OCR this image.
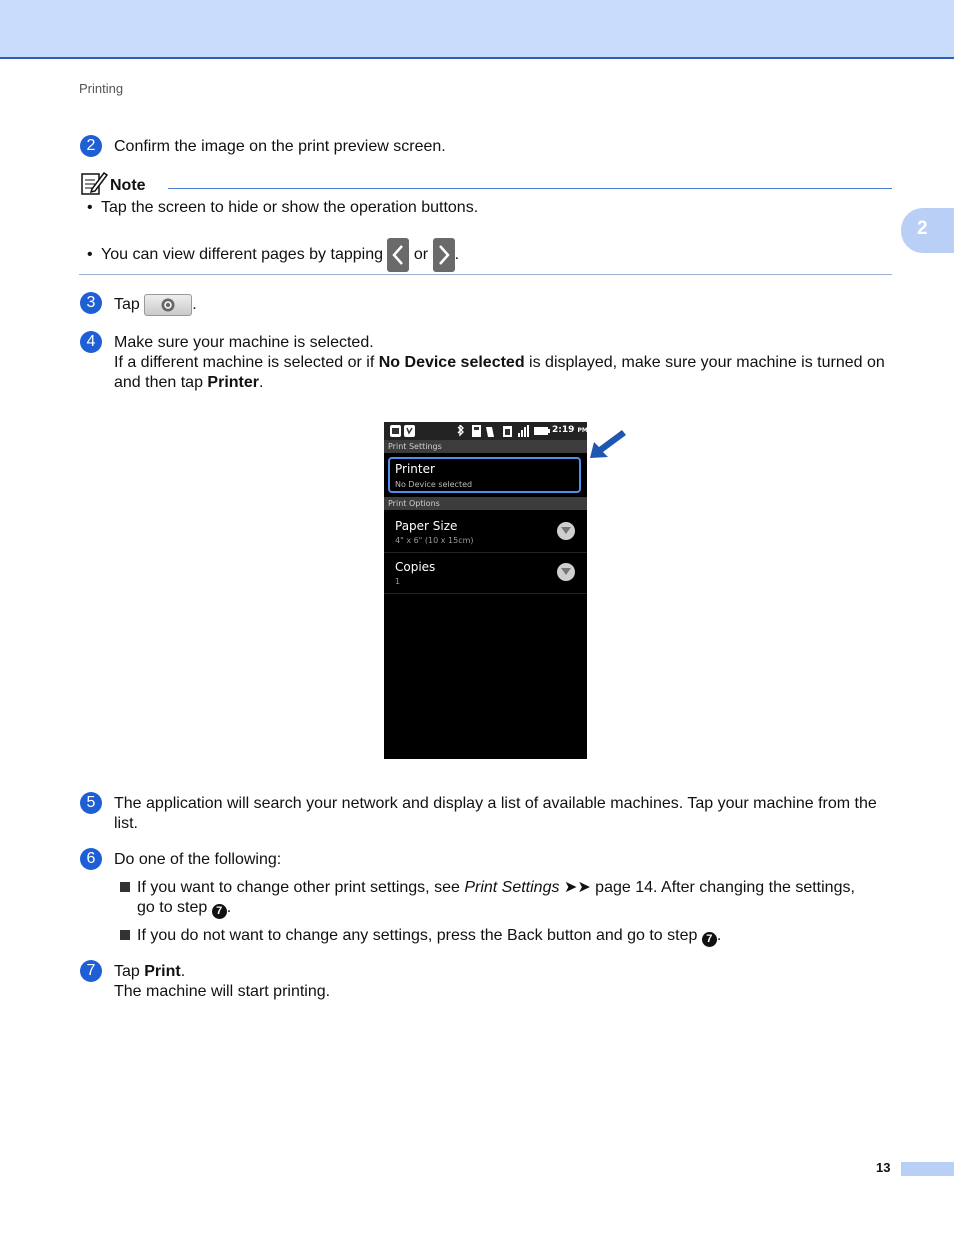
Printing
2
2	Confirm the image on the print preview screen.

Note
• Tap the screen to hide or show the operation buttons.
• You can view different pages by tapping
or
.
3	Tap	.

4	Make sure your machine is selected.

If a different machine is selected or if No Device selected is displayed, make sure your machine is turned on and then tap Printer.

2:19 PM
Print Settings
Printer
No Device selected
Print Options
Paper Size
4" x 6" (10 x 15cm)
Copies
1
5	The application will search your network and display a list of available machines. Tap your machine from the list.

6	Do one of the following:

If you want to change other print settings, see Print Settings ➤➤ page 14. After changing the settings,
go to step 7 .
If you do not want to change any settings, press the Back button and go to step 7 .
7	Tap Print.

The machine will start printing.

13
